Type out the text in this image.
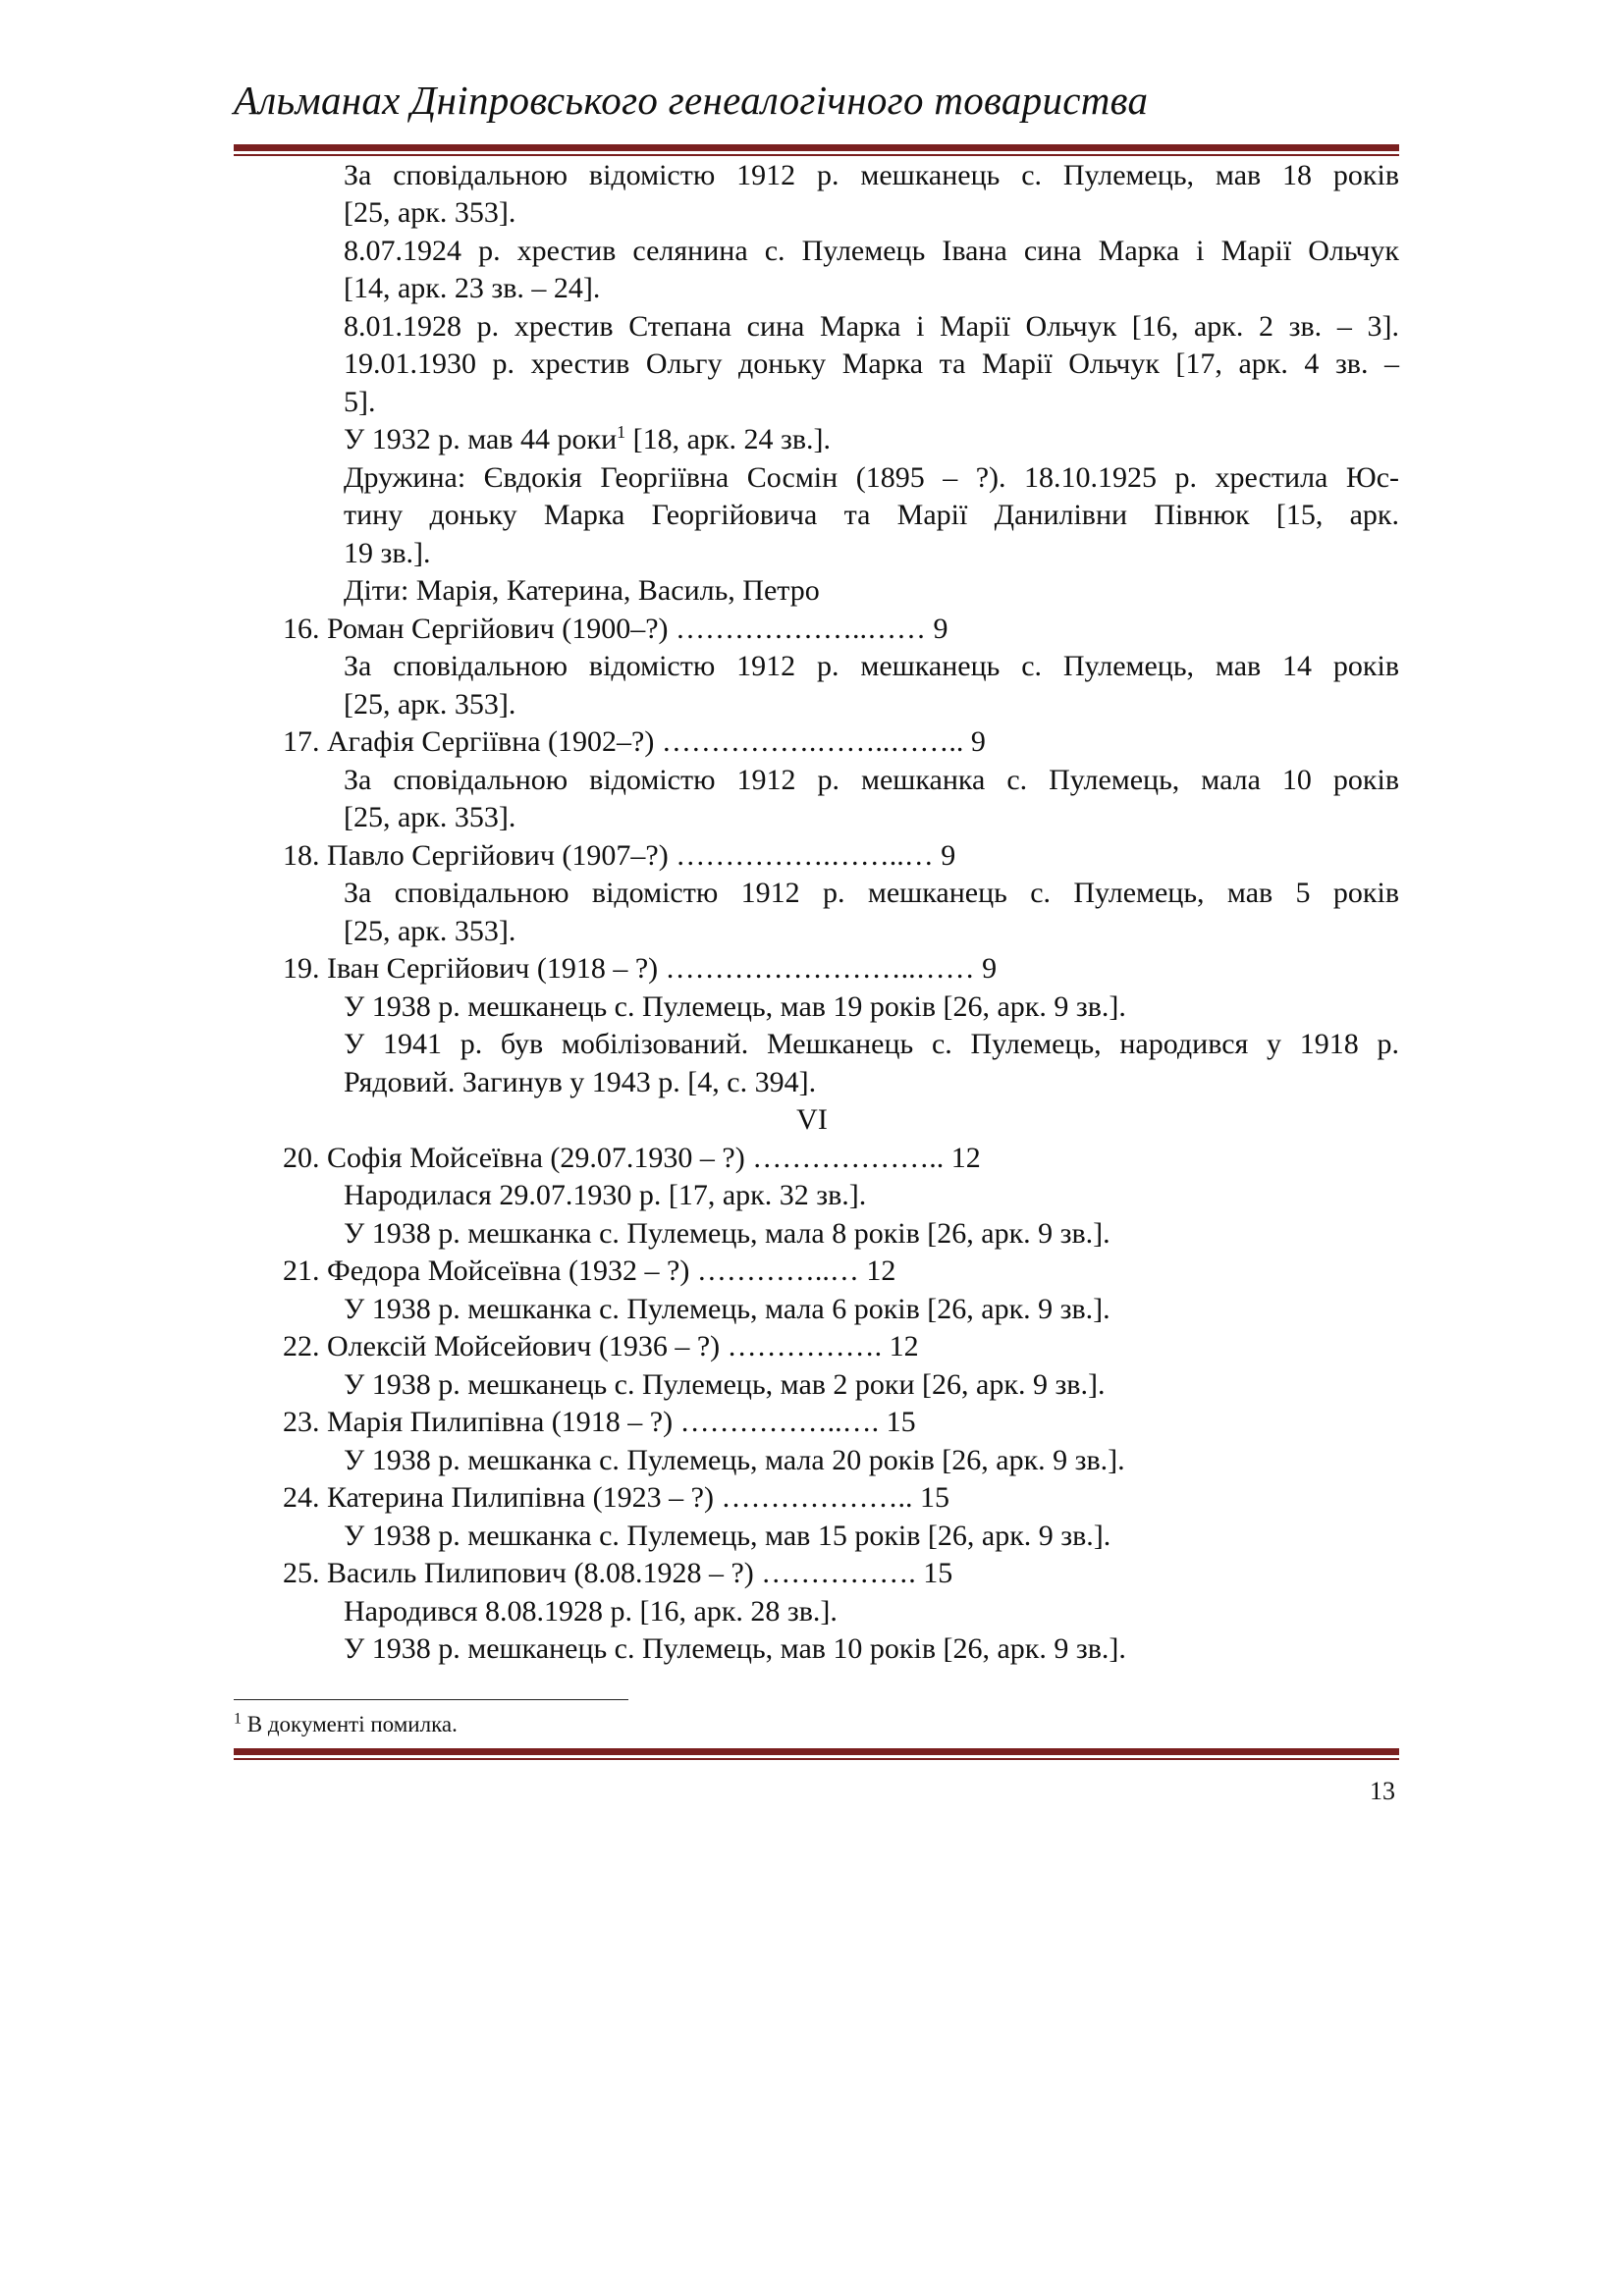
Альманах Дніпровського генеалогічного товариства
За сповідальною відомістю 1912 р. мешканець с. Пулемець, мав 18 років
[25, арк. 353].
8.07.1924 р. хрестив селянина с. Пулемець Івана сина Марка і Марії Ольчук
[14, арк. 23 зв. – 24].
8.01.1928 р. хрестив Степана сина Марка і Марії Ольчук [16, арк. 2 зв. – 3].
19.01.1930 р. хрестив Ольгу доньку Марка та Марії Ольчук [17, арк. 4 зв. –
5].
У 1932 р. мав 44 роки$^1$ [18, арк. 24 зв.].
Дружина: Євдокія Георгіївна Сосмін (1895 – ?). 18.10.1925 р. хрестила Юс-
тину доньку Марка Георгійовича та Марії Данилівни Півнюк [15, арк.
19 зв.].
Діти: Марія, Катерина, Василь, Петро
16. Роман Сергійович (1900–?) ………………..…… 9
За сповідальною відомістю 1912 р. мешканець с. Пулемець, мав 14 років
[25, арк. 353].
17. Агафія Сергіївна (1902–?) …………….……..…….. 9
За сповідальною відомістю 1912 р. мешканка с. Пулемець, мала 10 років
[25, арк. 353].
18. Павло Сергійович (1907–?) …………….……..… 9
За сповідальною відомістю 1912 р. мешканець с. Пулемець, мав 5 років
[25, арк. 353].
19. Іван Сергійович (1918 – ?) ……………………..…… 9
У 1938 р. мешканець с. Пулемець, мав 19 років [26, арк. 9 зв.].
У 1941 р. був мобілізований. Мешканець с. Пулемець, народився у 1918 р.
Рядовий. Загинув у 1943 р. [4, с. 394].
VI
20. Софія Мойсеївна (29.07.1930 – ?) ……………….. 12
Народилася 29.07.1930 р. [17, арк. 32 зв.].
У 1938 р. мешканка с. Пулемець, мала 8 років [26, арк. 9 зв.].
21. Федора Мойсеївна (1932 – ?) …………..… 12
У 1938 р. мешканка с. Пулемець, мала 6 років [26, арк. 9 зв.].
22. Олексій Мойсейович (1936 – ?) ……………. 12
У 1938 р. мешканець с. Пулемець, мав 2 роки [26, арк. 9 зв.].
23. Марія Пилипівна (1918 – ?) ……………..…. 15
У 1938 р. мешканка с. Пулемець, мала 20 років [26, арк. 9 зв.].
24. Катерина Пилипівна (1923 – ?) ……………….. 15
У 1938 р. мешканка с. Пулемець, мав 15 років [26, арк. 9 зв.].
25. Василь Пилипович (8.08.1928 – ?) ……………. 15
Народився 8.08.1928 р. [16, арк. 28 зв.].
У 1938 р. мешканець с. Пулемець, мав 10 років [26, арк. 9 зв.].
$^1$ В документі помилка.
13
